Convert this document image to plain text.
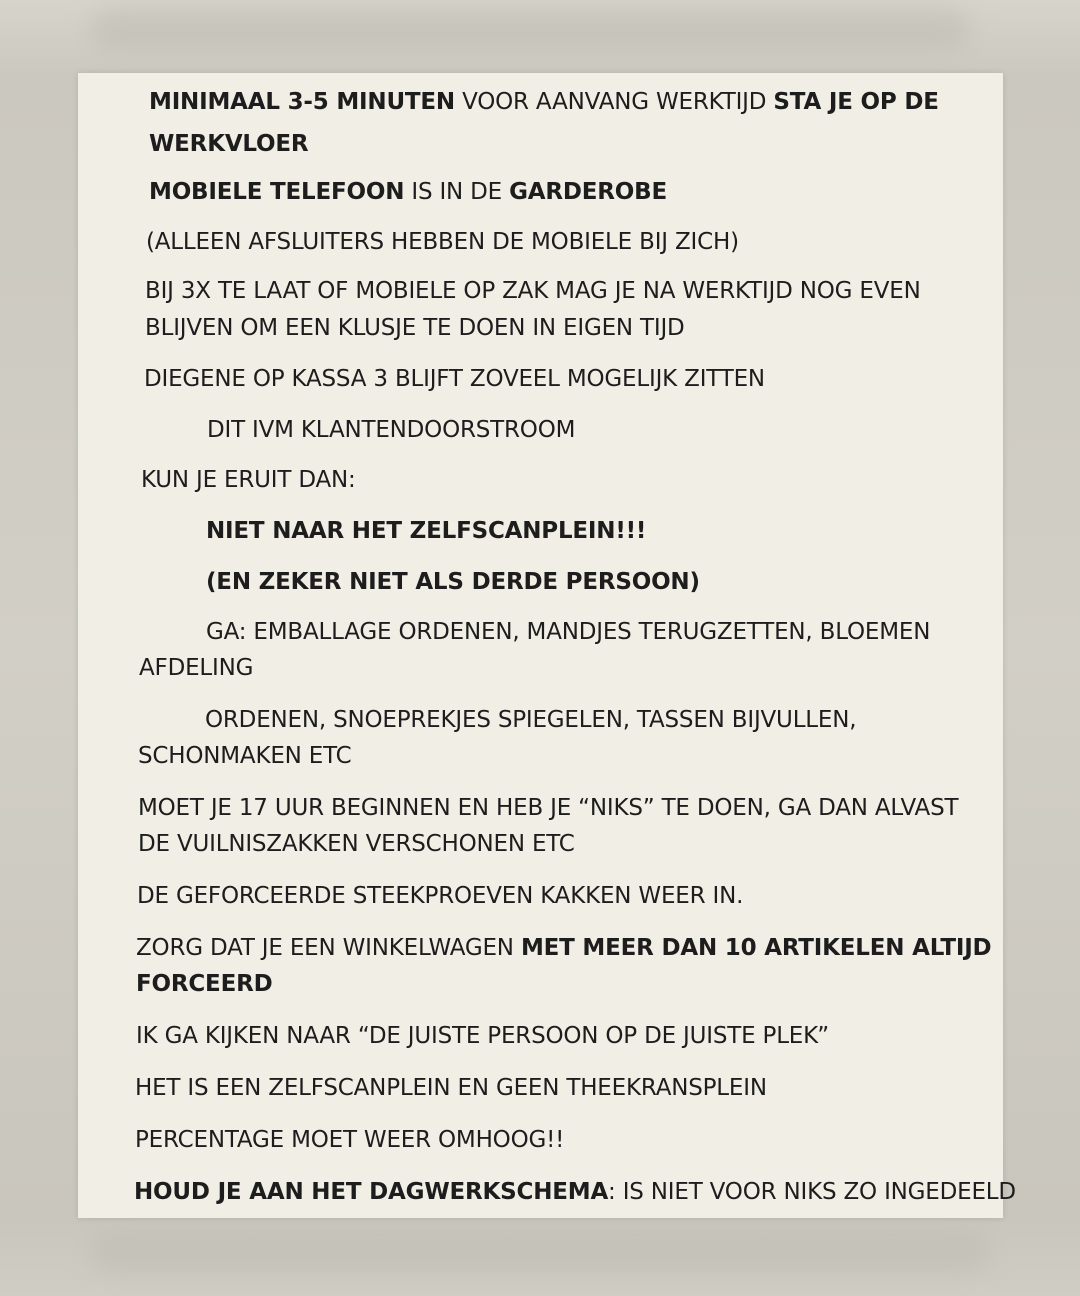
MINIMAAL 3-5 MINUTEN VOOR AANVANG WERKTIJD STA JE OP DE

WERKVLOER

MOBIELE TELEFOON IS IN DE GARDEROBE

(ALLEEN AFSLUITERS HEBBEN DE MOBIELE BIJ ZICH)

BIJ 3X TE LAAT OF MOBIELE OP ZAK MAG JE NA WERKTIJD NOG EVEN

BLIJVEN OM EEN KLUSJE TE DOEN IN EIGEN TIJD

DIEGENE OP KASSA 3 BLIJFT ZOVEEL MOGELIJK ZITTEN

DIT IVM KLANTENDOORSTROOM

KUN JE ERUIT DAN:

NIET NAAR HET ZELFSCANPLEIN!!!

(EN ZEKER NIET ALS DERDE PERSOON)

GA: EMBALLAGE ORDENEN, MANDJES TERUGZETTEN, BLOEMEN

AFDELING

ORDENEN, SNOEPREKJES SPIEGELEN, TASSEN BIJVULLEN,

SCHONMAKEN ETC

MOET JE 17 UUR BEGINNEN EN HEB JE “NIKS” TE DOEN, GA DAN ALVAST

DE VUILNISZAKKEN VERSCHONEN ETC

DE GEFORCEERDE STEEKPROEVEN KAKKEN WEER IN.

ZORG DAT JE EEN WINKELWAGEN MET MEER DAN 10 ARTIKELEN ALTIJD

FORCEERD

IK GA KIJKEN NAAR “DE JUISTE PERSOON OP DE JUISTE PLEK”

HET IS EEN ZELFSCANPLEIN EN GEEN THEEKRANSPLEIN

PERCENTAGE MOET WEER OMHOOG!!

HOUD JE AAN HET DAGWERKSCHEMA: IS NIET VOOR NIKS ZO INGEDEELD
